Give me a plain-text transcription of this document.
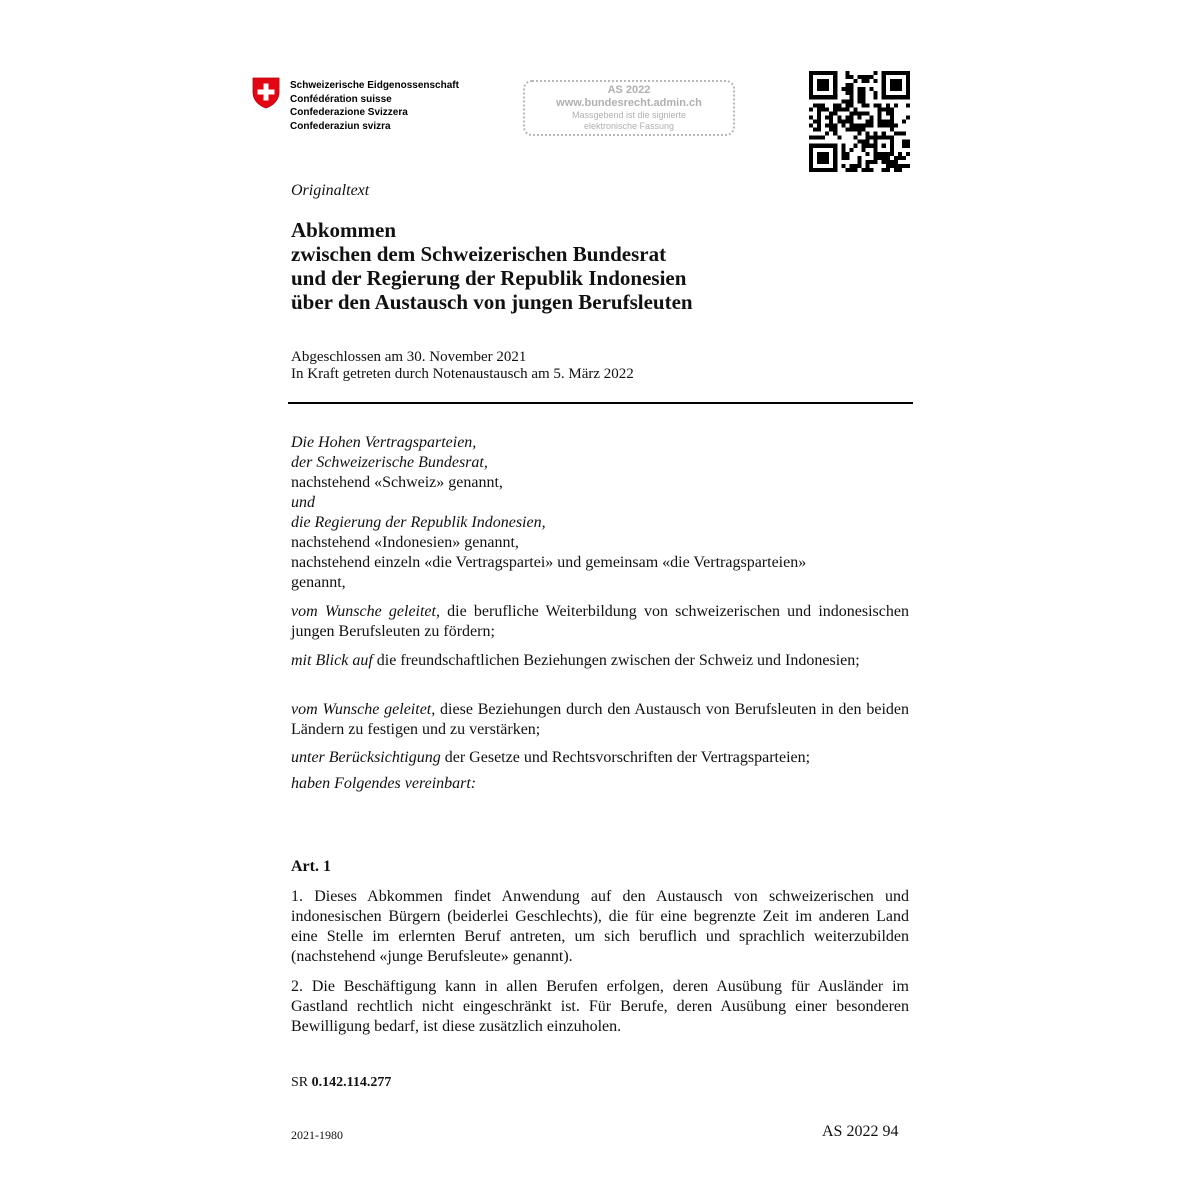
Schweizerische Eidgenossenschaft
Confédération suisse
Confederazione Svizzera
Confederaziun svizra
AS 2022
www.bundesrecht.admin.ch
Massgebend ist die signierte
elektronische Fassung
Originaltext
Abkommen
zwischen dem Schweizerischen Bundesrat
und der Regierung der Republik Indonesien
über den Austausch von jungen Berufsleuten
Abgeschlossen am 30. November 2021
In Kraft getreten durch Notenaustausch am 5. März 2022
Die Hohen Vertragsparteien,
der Schweizerische Bundesrat,
nachstehend «Schweiz» genannt,
und
die Regierung der Republik Indonesien,
nachstehend «Indonesien» genannt,
nachstehend einzeln «die Vertragspartei» und gemeinsam «die Vertragsparteien»
genannt,
vom Wunsche geleitet, die berufliche Weiterbildung von schweizerischen und indonesischen jungen Berufsleuten zu fördern;
mit Blick auf die freundschaftlichen Beziehungen zwischen der Schweiz und Indonesien;
vom Wunsche geleitet, diese Beziehungen durch den Austausch von Berufsleuten in den beiden Ländern zu festigen und zu verstärken;
unter Berücksichtigung der Gesetze und Rechtsvorschriften der Vertragsparteien;
haben Folgendes vereinbart:
Art. 1
1. Dieses Abkommen findet Anwendung auf den Austausch von schweizerischen und indonesischen Bürgern (beiderlei Geschlechts), die für eine begrenzte Zeit im anderen Land eine Stelle im erlernten Beruf antreten, um sich beruflich und sprachlich weiterzubilden (nachstehend «junge Berufsleute» genannt).
2. Die Beschäftigung kann in allen Berufen erfolgen, deren Ausübung für Ausländer im Gastland rechtlich nicht eingeschränkt ist. Für Berufe, deren Ausübung einer besonderen Bewilligung bedarf, ist diese zusätzlich einzuholen.
SR 0.142.114.277
2021-1980	AS 2022 94
